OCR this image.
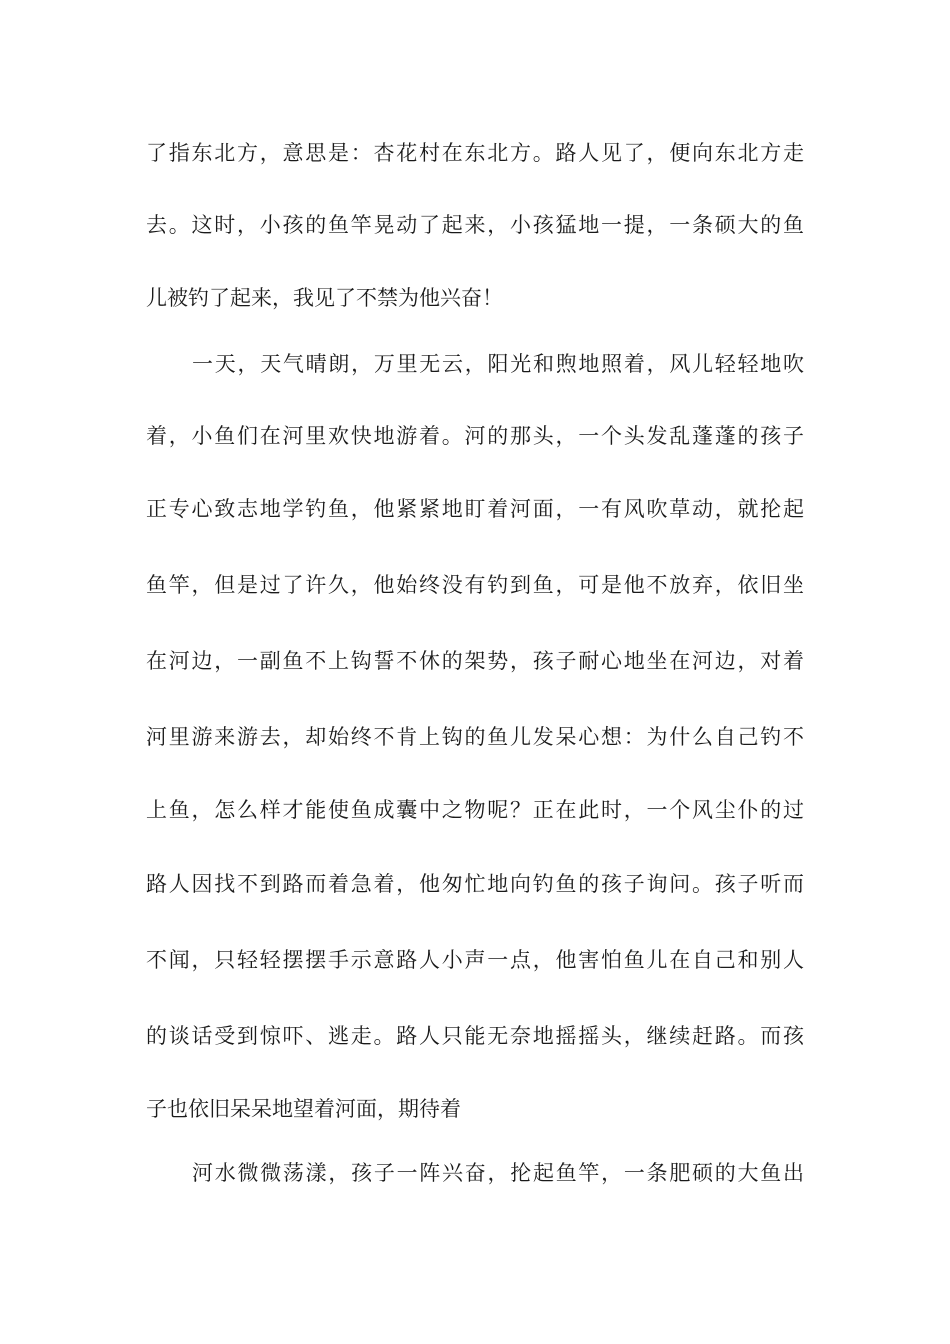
了指东北方，意思是：杏花村在东北方。路人见了，便向东北方走
去。这时，小孩的鱼竿晃动了起来，小孩猛地一提，一条硕大的鱼
儿被钓了起来，我见了不禁为他兴奋！
一天，天气晴朗，万里无云，阳光和煦地照着，风儿轻轻地吹
着，小鱼们在河里欢快地游着。河的那头，一个头发乱蓬蓬的孩子
正专心致志地学钓鱼，他紧紧地盯着河面，一有风吹草动，就抡起
鱼竿，但是过了许久，他始终没有钓到鱼，可是他不放弃，依旧坐
在河边，一副鱼不上钩誓不休的架势，孩子耐心地坐在河边，对着
河里游来游去，却始终不肯上钩的鱼儿发呆心想：为什么自己钓不
上鱼，怎么样才能使鱼成囊中之物呢？正在此时，一个风尘仆的过
路人因找不到路而着急着，他匆忙地向钓鱼的孩子询问。孩子听而
不闻，只轻轻摆摆手示意路人小声一点，他害怕鱼儿在自己和别人
的谈话受到惊吓、逃走。路人只能无奈地摇摇头，继续赶路。而孩
子也依旧呆呆地望着河面，期待着
河水微微荡漾，孩子一阵兴奋，抡起鱼竿，一条肥硕的大鱼出
